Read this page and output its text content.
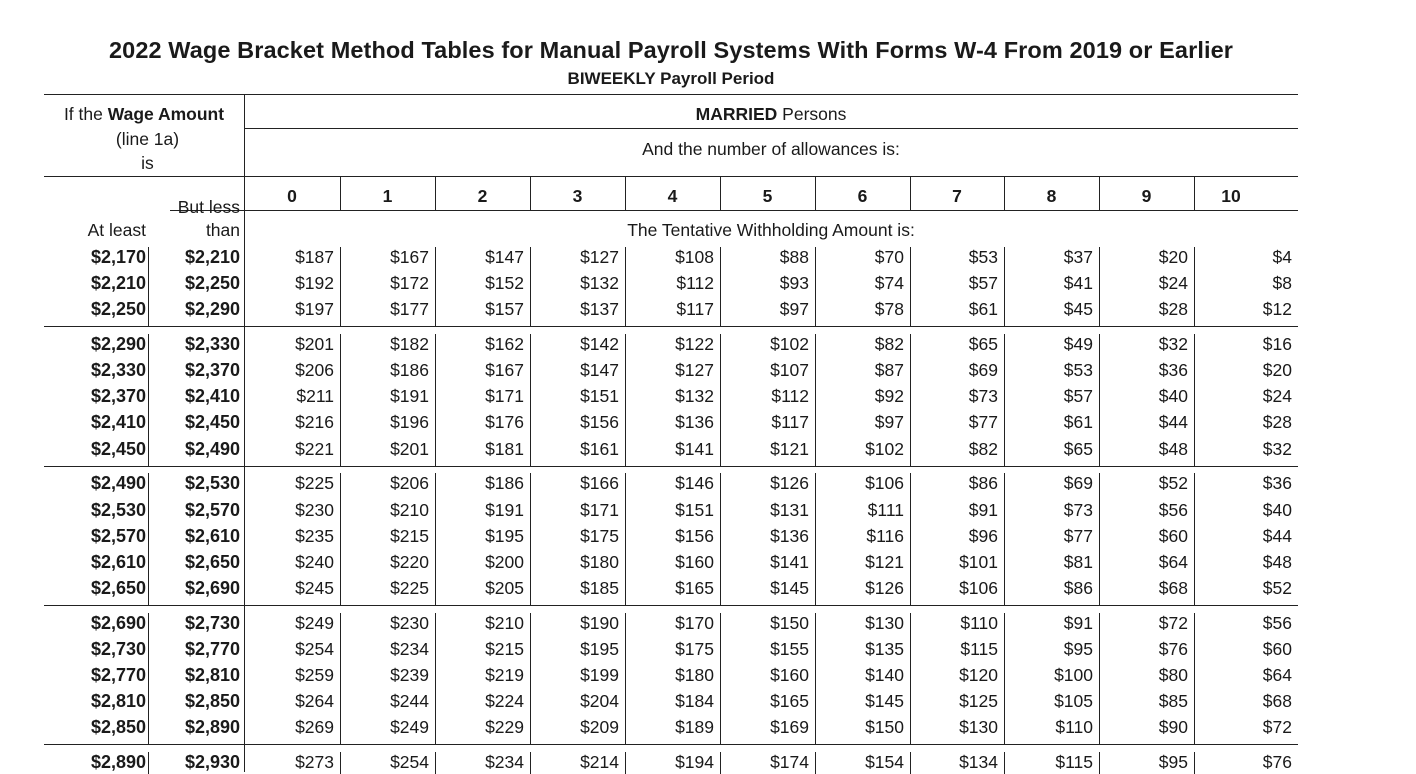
2022 Wage Bracket Method Tables for Manual Payroll Systems With Forms W-4 From 2019 or Earlier
BIWEEKLY Payroll Period
If the Wage Amount
(line 1a)
is
At least
But less
than
MARRIED Persons
And the number of allowances is:
0	1	2	3	4	5	6	7	8	9	10
The Tentative Withholding Amount is:
$2,170	$2,210	$187	$167	$147	$127	$108	$88	$70	$53	$37	$20	$4
$2,210	$2,250	$192	$172	$152	$132	$112	$93	$74	$57	$41	$24	$8
$2,250	$2,290	$197	$177	$157	$137	$117	$97	$78	$61	$45	$28	$12
$2,290	$2,330	$201	$182	$162	$142	$122	$102	$82	$65	$49	$32	$16
$2,330	$2,370	$206	$186	$167	$147	$127	$107	$87	$69	$53	$36	$20
$2,370	$2,410	$211	$191	$171	$151	$132	$112	$92	$73	$57	$40	$24
$2,410	$2,450	$216	$196	$176	$156	$136	$117	$97	$77	$61	$44	$28
$2,450	$2,490	$221	$201	$181	$161	$141	$121	$102	$82	$65	$48	$32
$2,490	$2,530	$225	$206	$186	$166	$146	$126	$106	$86	$69	$52	$36
$2,530	$2,570	$230	$210	$191	$171	$151	$131	$111	$91	$73	$56	$40
$2,570	$2,610	$235	$215	$195	$175	$156	$136	$116	$96	$77	$60	$44
$2,610	$2,650	$240	$220	$200	$180	$160	$141	$121	$101	$81	$64	$48
$2,650	$2,690	$245	$225	$205	$185	$165	$145	$126	$106	$86	$68	$52
$2,690	$2,730	$249	$230	$210	$190	$170	$150	$130	$110	$91	$72	$56
$2,730	$2,770	$254	$234	$215	$195	$175	$155	$135	$115	$95	$76	$60
$2,770	$2,810	$259	$239	$219	$199	$180	$160	$140	$120	$100	$80	$64
$2,810	$2,850	$264	$244	$224	$204	$184	$165	$145	$125	$105	$85	$68
$2,850	$2,890	$269	$249	$229	$209	$189	$169	$150	$130	$110	$90	$72
$2,890	$2,930	$273	$254	$234	$214	$194	$174	$154	$134	$115	$95	$76
